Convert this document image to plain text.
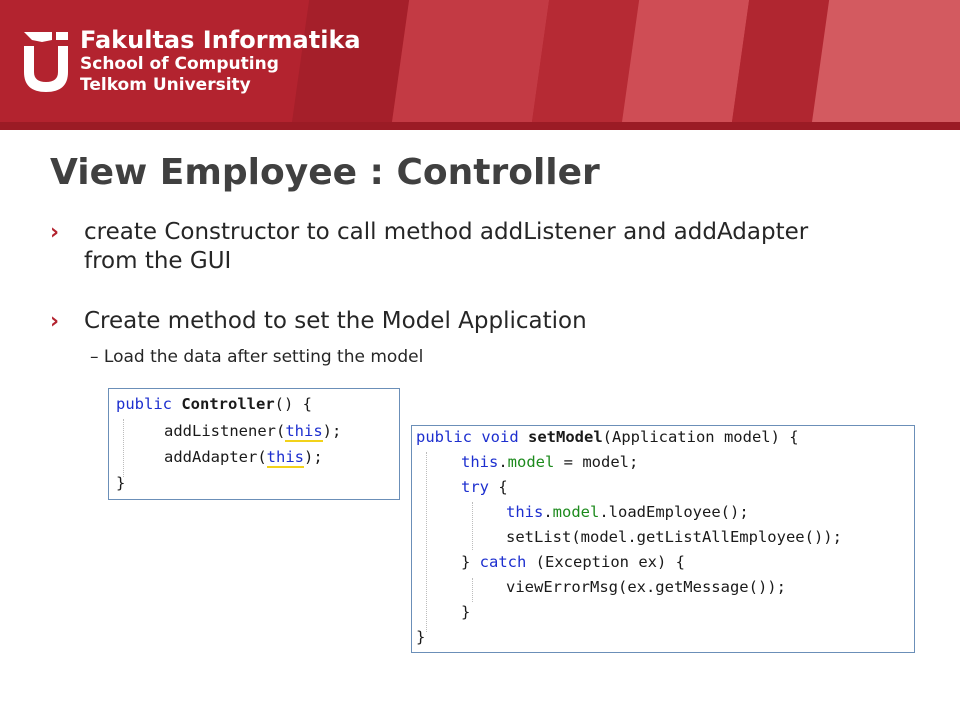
Fakultas Informatika
School of Computing
Telkom University
View Employee : Controller
› create Constructor to call method addListener and addAdapter from the GUI
› Create method to set the Model Application
– Load the data after setting the model
public Controller() {
addListnener(this);
addAdapter(this);
}
public void setModel(Application model) {
this.model = model;
try {
this.model.loadEmployee();
setList(model.getListAllEmployee());
} catch (Exception ex) {
viewErrorMsg(ex.getMessage());
}
}
